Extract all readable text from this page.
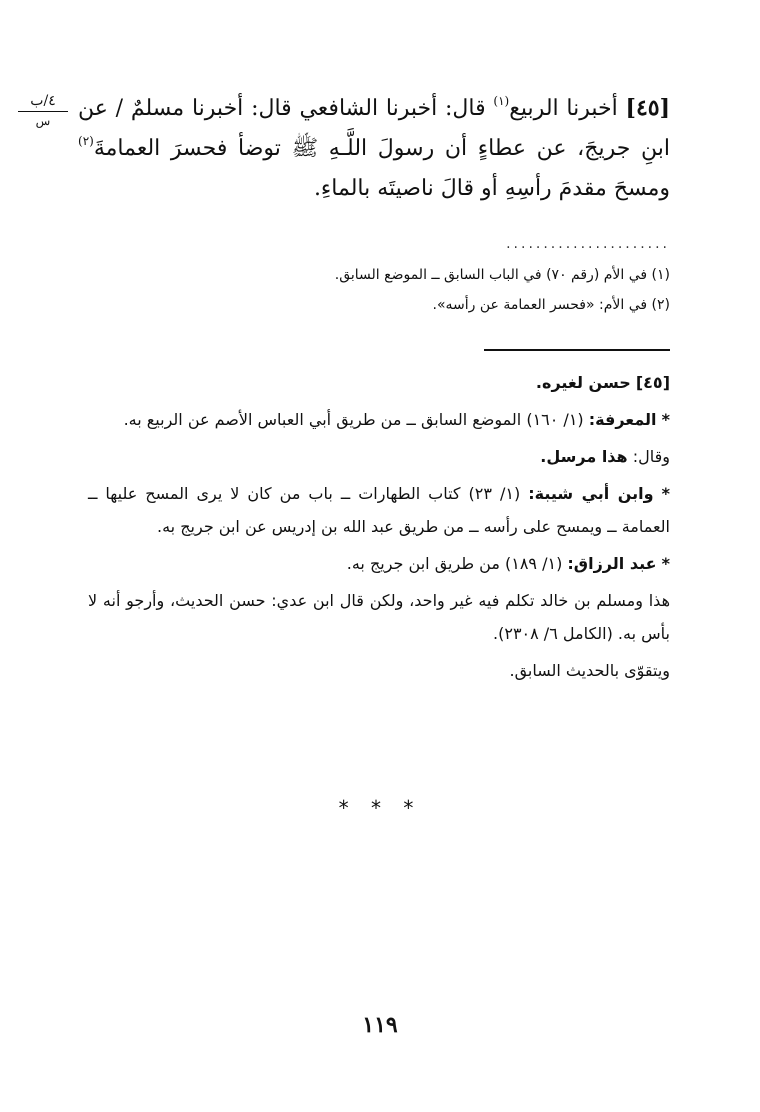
٤/ب
س	[٤٥] أخبرنا الربيع$^{(١)}$ قال: أخبرنا الشافعي قال: أخبرنا مسلمٌ / عن ابنِ جريجَ، عن عطاءٍ أن رسولَ اللَّـهِ ﷺ توضأ فحسرَ العمامةَ$^{(٢)}$ ومسحَ مقدمَ رأسِهِ أو قالَ ناصيتَه بالماءِ.

......................

(١) في الأم (رقم ٧٠) في الباب السابق ــ الموضع السابق.

(٢) في الأم: «فحسر العمامة عن رأسه».

[٤٥] حسن لغيره.

* المعرفة: (١/ ١٦٠) الموضع السابق ــ من طريق أبي العباس الأصم عن الربيع به.

وقال: هذا مرسل.

* وابن أبي شيبة: (١/ ٢٣) كتاب الطهارات ــ باب من كان لا يرى المسح عليها ــ العمامة ــ ويمسح على رأسه ــ من طريق عبد الله بن إدريس عن ابن جريج به.

* عبد الرزاق: (١/ ١٨٩) من طريق ابن جريج به.

هذا ومسلم بن خالد تكلم فيه غير واحد، ولكن قال ابن عدي: حسن الحديث، وأرجو أنه لا بأس به. (الكامل ٦/ ٢٣٠٨).

ويتقوّى بالحديث السابق.

* * *
١١٩
